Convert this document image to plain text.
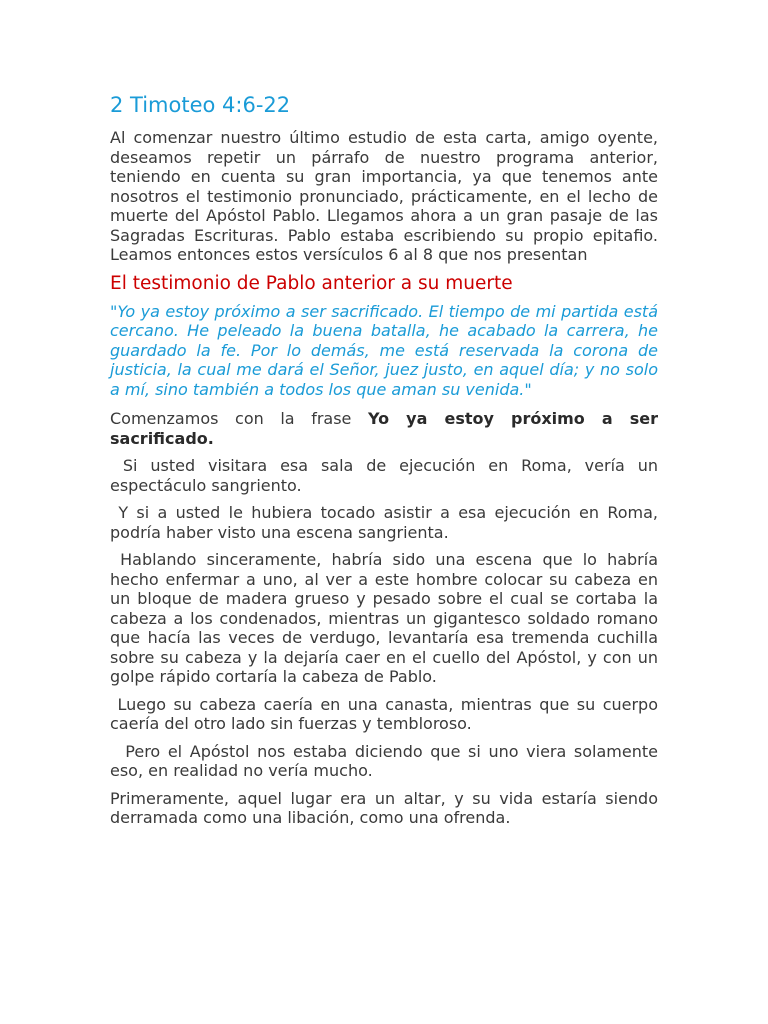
2 Timoteo 4:6-22

Al comenzar nuestro último estudio de esta carta, amigo oyente, deseamos repetir un párrafo de nuestro programa anterior, teniendo en cuenta su gran importancia, ya que tenemos ante nosotros el testimonio pronunciado, prácticamente, en el lecho de muerte del Apóstol Pablo. Llegamos ahora a un gran pasaje de las Sagradas Escrituras. Pablo estaba escribiendo su propio epitafio. Leamos entonces estos versículos 6 al 8 que nos presentan

El testimonio de Pablo anterior a su muerte

"Yo ya estoy próximo a ser sacrificado. El tiempo de mi partida está cercano. He peleado la buena batalla, he acabado la carrera, he guardado la fe. Por lo demás, me está reservada la corona de justicia, la cual me dará el Señor, juez justo, en aquel día; y no solo a mí, sino también a todos los que aman su venida."

Comenzamos con la frase Yo ya estoy próximo a ser sacrificado.

Si usted visitara esa sala de ejecución en Roma, vería un espectáculo sangriento.

Y si a usted le hubiera tocado asistir a esa ejecución en Roma, podría haber visto una escena sangrienta.

Hablando sinceramente, habría sido una escena que lo habría hecho enfermar a uno, al ver a este hombre colocar su cabeza en un bloque de madera grueso y pesado sobre el cual se cortaba la cabeza a los condenados, mientras un gigantesco soldado romano que hacía las veces de verdugo, levantaría esa tremenda cuchilla sobre su cabeza y la dejaría caer en el cuello del Apóstol, y con un golpe rápido cortaría la cabeza de Pablo.

Luego su cabeza caería en una canasta, mientras que su cuerpo caería del otro lado sin fuerzas y tembloroso.

Pero el Apóstol nos estaba diciendo que si uno viera solamente eso, en realidad no vería mucho.

Primeramente, aquel lugar era un altar, y su vida estaría siendo derramada como una libación, como una ofrenda.
